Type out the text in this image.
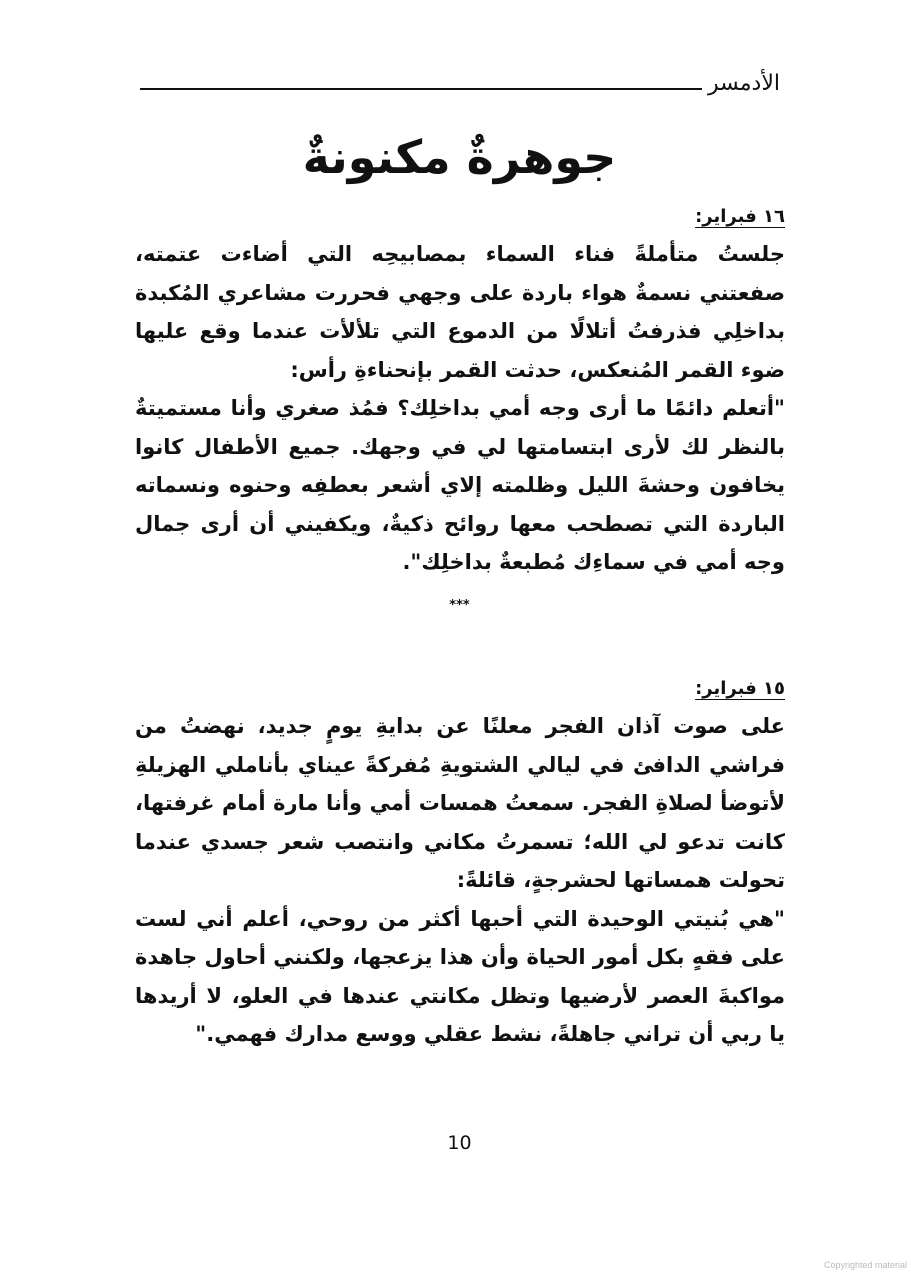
الأدمسر
جوهرةٌ مكنونةٌ

١٦ فبراير:

جلستُ متأملةً فناء السماء بمصابيحِه التي أضاءت عتمته، صفعتني نسمةٌ هواء باردة على وجهي فحررت مشاعري المُكبدة بداخلِي فذرفتُ أتلالًا من الدموع التي تلألأت عندما وقع عليها ضوء القمر المُنعكس، حدثت القمر بإنحناءةِ رأس:

"أتعلم دائمًا ما أرى وجه أمي بداخلِك؟ فمُذ صغري وأنا مستميتةٌ بالنظر لك لأرى ابتسامتها لي في وجهك. جميع الأطفال كانوا يخافون وحشةَ الليل وظلمته إلاي أشعر بعطفِه وحنوه ونسماته الباردة التي تصطحب معها روائح ذكيةٌ، ويكفيني أن أرى جمال وجه أمي في سماءِك مُطبعةٌ بداخلِك".

***

١٥ فبراير:

على صوت آذان الفجر معلنًا عن بدايةِ يومٍ جديد، نهضتُ من فراشي الدافئ في ليالي الشتويةِ مُفركةً عيناي بأناملي الهزيلةِ لأتوضأ لصلاةِ الفجر. سمعتُ همسات أمي وأنا مارة أمام غرفتها، كانت تدعو لي الله؛ تسمرتُ مكاني وانتصب شعر جسدي عندما تحولت همساتها لحشرجةٍ، قائلةً:

"هي بُنيتي الوحيدة التي أحبها أكثر من روحي، أعلم أني لست على فقهٍ بكل أمور الحياة وأن هذا يزعجها، ولكنني أحاول جاهدة مواكبةَ العصر لأرضيها وتظل مكانتي عندها في العلو، لا أريدها يا ربي أن تراني جاهلةً، نشط عقلي ووسع مدارك فهمي."

10
Copyrighted material
